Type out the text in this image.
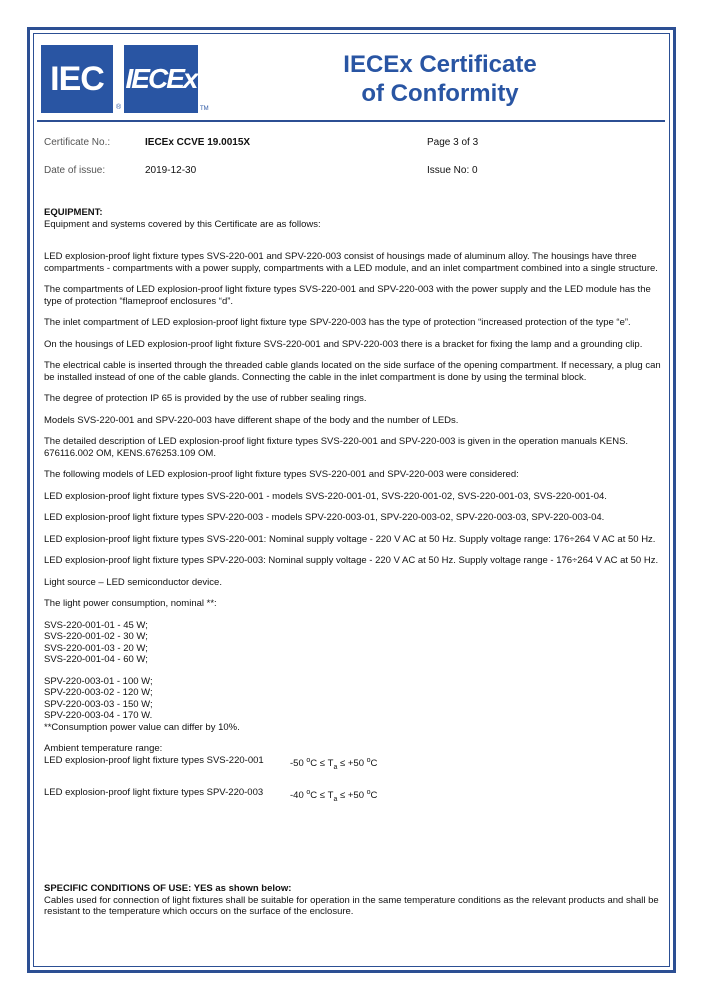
IEC IECEx
®	TM
IECEx Certificate
of Conformity
Certificate No.:	IECEx CCVE 19.0015X	Page 3 of 3
Date of issue:	2019-12-30	Issue No: 0
EQUIPMENT:

Equipment and systems covered by this Certificate are as follows:

LED explosion-proof light fixture types SVS-220-001 and SPV-220-003 consist of housings made of aluminum alloy. The housings have three compartments - compartments with a power supply, compartments with a LED module, and an inlet compartment combined into a single structure.

The compartments of LED explosion-proof light fixture types SVS-220-001 and SPV-220-003 with the power supply and the LED module has the type of protection “flameproof enclosures “d”.

The inlet compartment of LED explosion-proof light fixture type SPV-220-003 has the type of protection “increased protection of the type “e”.

On the housings of LED explosion-proof light fixture SVS-220-001 and SPV-220-003 there is a bracket for fixing the lamp and a grounding clip.

The electrical cable is inserted through the threaded cable glands located on the side surface of the opening compartment. If necessary, a plug can be installed instead of one of the cable glands. Connecting the cable in the inlet compartment is done by using the terminal block.

The degree of protection IP 65 is provided by the use of rubber sealing rings.

Models SVS-220-001 and SPV-220-003 have different shape of the body and the number of LEDs.

The detailed description of LED explosion-proof light fixture types SVS-220-001 and SPV-220-003 is given in the operation manuals KENS. 676116.002 OM, KENS.676253.109 OM.

The following models of LED explosion-proof light fixture types SVS-220-001 and SPV-220-003 were considered:

LED explosion-proof light fixture types SVS-220-001 - models SVS-220-001-01, SVS-220-001-02, SVS-220-001-03, SVS-220-001-04.

LED explosion-proof light fixture types SPV-220-003 - models SPV-220-003-01, SPV-220-003-02, SPV-220-003-03, SPV-220-003-04.

LED explosion-proof light fixture types SVS-220-001: Nominal supply voltage - 220 V AC at 50 Hz. Supply voltage range: 176÷264 V AC at 50 Hz.

LED explosion-proof light fixture types SPV-220-003: Nominal supply voltage - 220 V AC at 50 Hz. Supply voltage range - 176÷264 V AC at 50 Hz.

Light source – LED semiconductor device.

The light power consumption, nominal **:

SVS-220-001-01 - 45 W;
SVS-220-001-02 - 30 W;
SVS-220-001-03 - 20 W;
SVS-220-001-04 - 60 W;
SPV-220-003-01 - 100 W;
SPV-220-003-02 - 120 W;
SPV-220-003-03 - 150 W;
SPV-220-003-04 - 170 W.
**Consumption power value can differ by 10%.
Ambient temperature range:
LED explosion-proof light fixture types SVS-220-001	-50 $^oC \le T_a \le +50$ $^o$C
LED explosion-proof light fixture types SPV-220-003	-40 $^oC \le T_a \le +50$ $^o$C
SPECIFIC CONDITIONS OF USE: YES as shown below:
Cables used for connection of light fixtures shall be suitable for operation in the same temperature conditions as the relevant products and shall be resistant to the temperature which occurs on the surface of the enclosure.
